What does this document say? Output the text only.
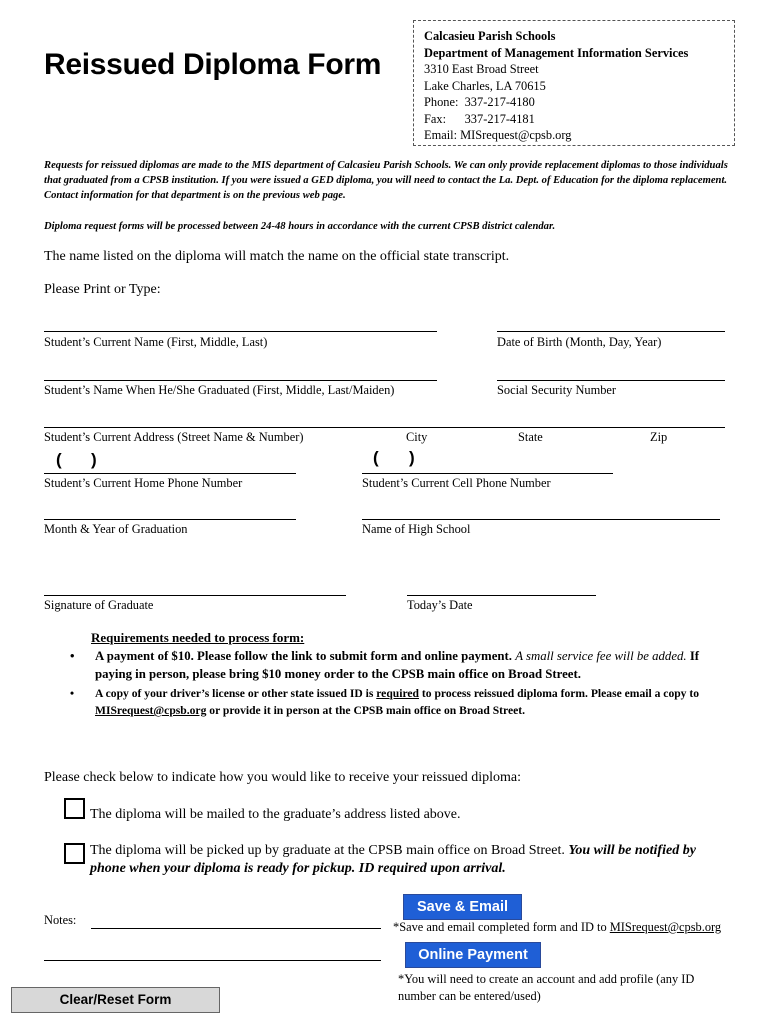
Reissued Diploma Form
Calcasieu Parish Schools
Department of Management Information Services
3310 East Broad Street
Lake Charles, LA 70615
Phone:  337-217-4180
Fax:      337-217-4181
Email: MISrequest@cpsb.org
Requests for reissued diplomas are made to the MIS department of Calcasieu Parish Schools. We can only provide replacement diplomas to those individuals that graduated from a CPSB institution. If you were issued a GED diploma, you will need to contact the La. Dept. of Education for the diploma replacement. Contact information for that department is on the previous web page.
Diploma request forms will be processed between 24-48 hours in accordance with the current CPSB district calendar.
The name listed on the diploma will match the name on the official state transcript.
Please Print or Type:
Student’s Current Name (First, Middle, Last)	Date of Birth (Month, Day, Year)
Student’s Name When He/She Graduated (First, Middle, Last/Maiden)	Social Security Number
Student’s Current Address (Street Name & Number)	City	State	Zip
( )	( )
Student’s Current Home Phone Number	Student’s Current Cell Phone Number
Month & Year of Graduation	Name of High School
Signature of Graduate	Today’s Date
Requirements needed to process form:
• A payment of $10. Please follow the link to submit form and online payment. A small service fee will be added. If paying in person, please bring $10 money order to the CPSB main office on Broad Street.
• A copy of your driver’s license or other state issued ID is required to process reissued diploma form. Please email a copy to MISrequest@cpsb.org or provide it in person at the CPSB main office on Broad Street.
Please check below to indicate how you would like to receive your reissued diploma:
The diploma will be mailed to the graduate’s address listed above.
The diploma will be picked up by graduate at the CPSB main office on Broad Street. You will be notified by phone when your diploma is ready for pickup. ID required upon arrival.
Notes:
Save & Email
*Save and email completed form and ID to MISrequest@cpsb.org
Online Payment
*You will need to create an account and add profile (any ID number can be entered/used)
Clear/Reset Form
